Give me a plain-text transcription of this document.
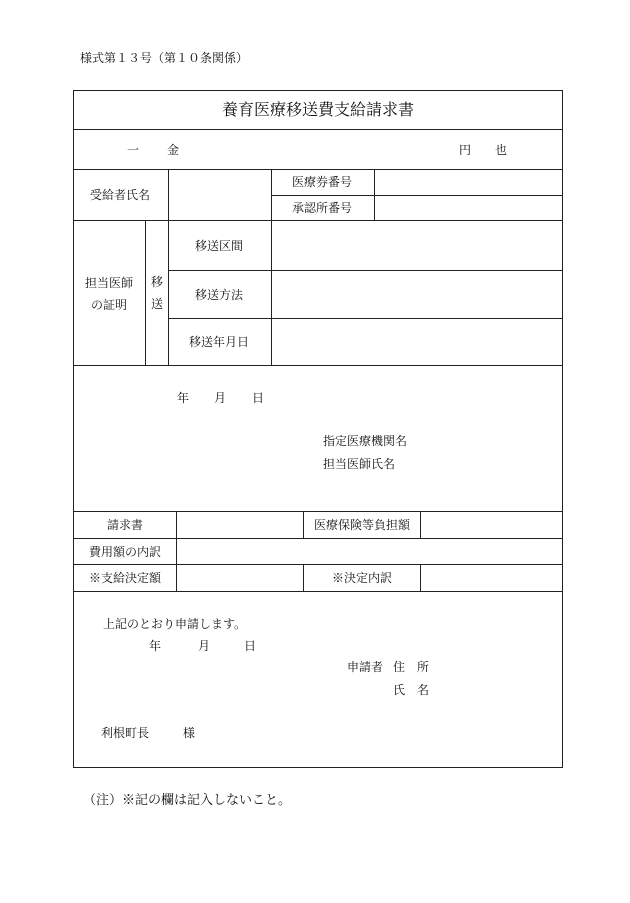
様式第１３号（第１０条関係）
養育医療移送費支給請求書
一 金	円 也
受給者氏名
医療券番号
承認所番号
担当医師
の証明
移送
移送区間
移送方法
移送年月日
年 月 日
指定医療機関名
担当医師氏名
請求書	医療保険等負担額
費用額の内訳
※支給決定額	※決定内訳
上記のとおり申請します。
年	月	日
申請者 住　所
氏　名
利根町長	様
（注）※記の欄は記入しないこと。
